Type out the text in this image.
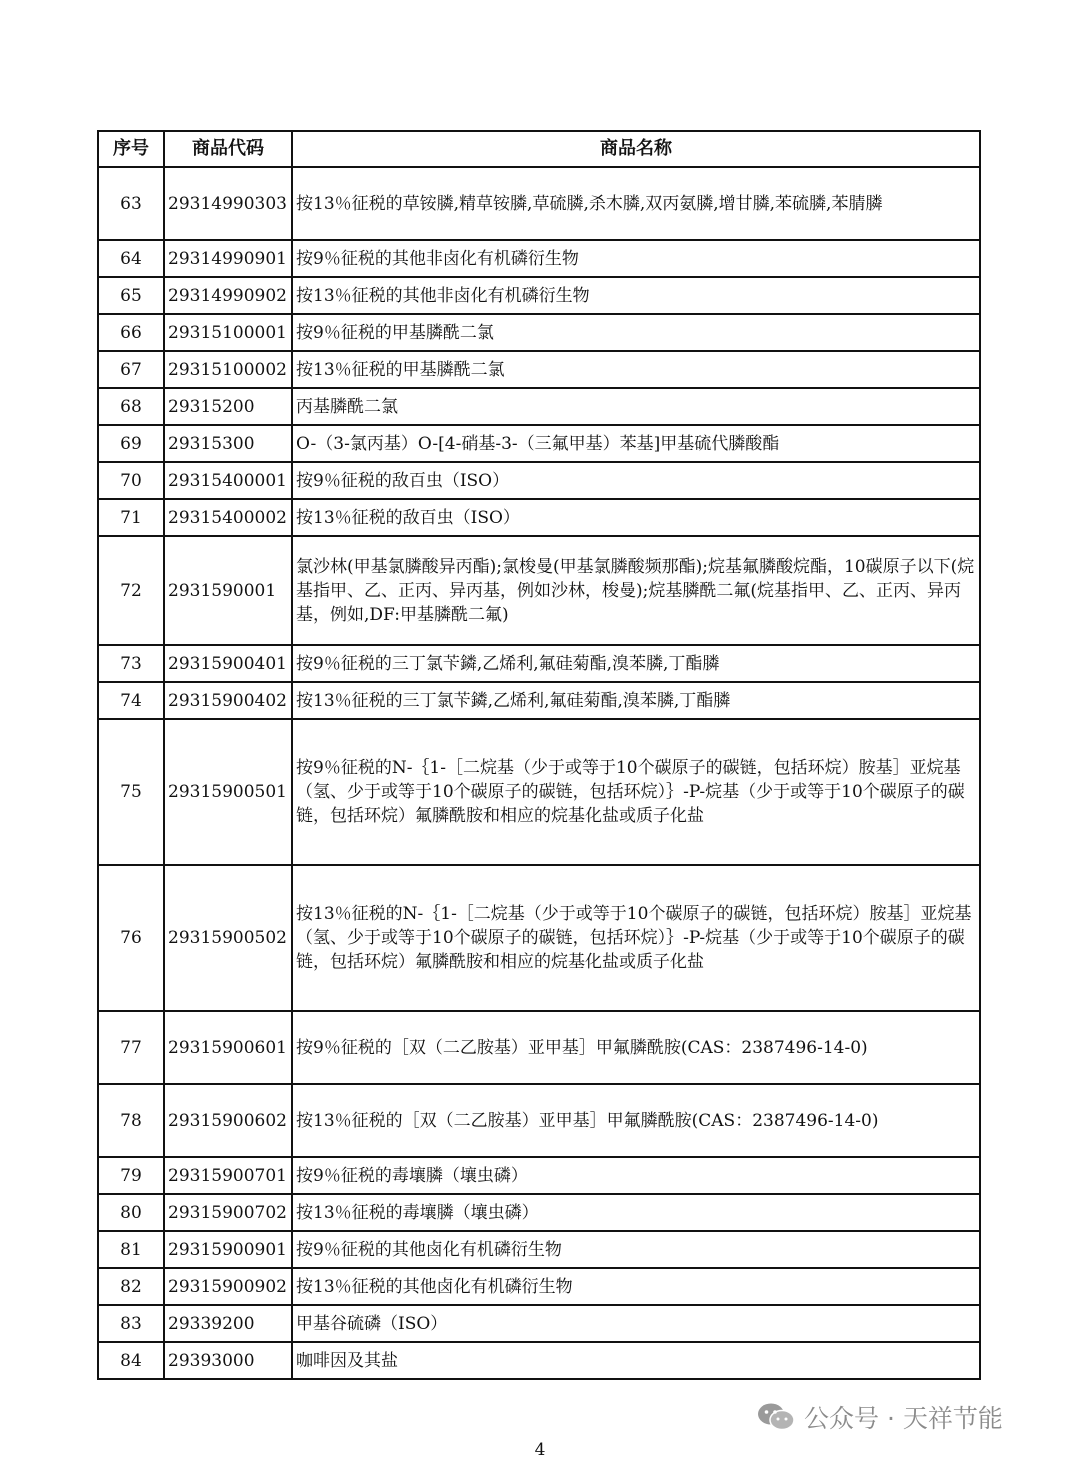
序号	商品代码	商品名称
63	29314990303	按13％征税的草铵膦,精草铵膦,草硫膦,杀木膦,双丙氨膦,增甘膦,苯硫膦,苯腈膦
64	29314990901	按9％征税的其他非卤化有机磷衍生物
65	29314990902	按13％征税的其他非卤化有机磷衍生物
66	29315100001	按9％征税的甲基膦酰二氯
67	29315100002	按13％征税的甲基膦酰二氯
68	29315200	丙基膦酰二氯
69	29315300	O-（3-氯丙基）O-[4-硝基-3-（三氟甲基）苯基]甲基硫代膦酸酯
70	29315400001	按9％征税的敌百虫（ISO）
71	29315400002	按13％征税的敌百虫（ISO）
72	2931590001	氯沙林(甲基氯膦酸异丙酯);氯梭曼(甲基氯膦酸频那酯);烷基氟膦酸烷酯，10碳原子以下(烷基指甲、乙、正丙、异丙基，例如沙林，梭曼);烷基膦酰二氟(烷基指甲、乙、正丙、异丙基，例如,DF:甲基膦酰二氟)
73	29315900401	按9％征税的三丁氯苄鏻,乙烯利,氟硅菊酯,溴苯膦,丁酯膦
74	29315900402	按13％征税的三丁氯苄鏻,乙烯利,氟硅菊酯,溴苯膦,丁酯膦
75	29315900501	按9％征税的N-｛1-［二烷基（少于或等于10个碳原子的碳链，包括环烷）胺基］亚烷基（氢、少于或等于10个碳原子的碳链，包括环烷）｝-P-烷基（少于或等于10个碳原子的碳链，包括环烷）氟膦酰胺和相应的烷基化盐或质子化盐
76	29315900502	按13％征税的N-｛1-［二烷基（少于或等于10个碳原子的碳链，包括环烷）胺基］亚烷基（氢、少于或等于10个碳原子的碳链，包括环烷）｝-P-烷基（少于或等于10个碳原子的碳链，包括环烷）氟膦酰胺和相应的烷基化盐或质子化盐
77	29315900601	按9％征税的［双（二乙胺基）亚甲基］甲氟膦酰胺(CAS：2387496-14-0)
78	29315900602	按13％征税的［双（二乙胺基）亚甲基］甲氟膦酰胺(CAS：2387496-14-0)
79	29315900701	按9％征税的毒壤膦（壤虫磷）
80	29315900702	按13％征税的毒壤膦（壤虫磷）
81	29315900901	按9％征税的其他卤化有机磷衍生物
82	29315900902	按13％征税的其他卤化有机磷衍生物
83	29339200	甲基谷硫磷（ISO）
84	29393000	咖啡因及其盐
公众号 · 天祥节能
4
